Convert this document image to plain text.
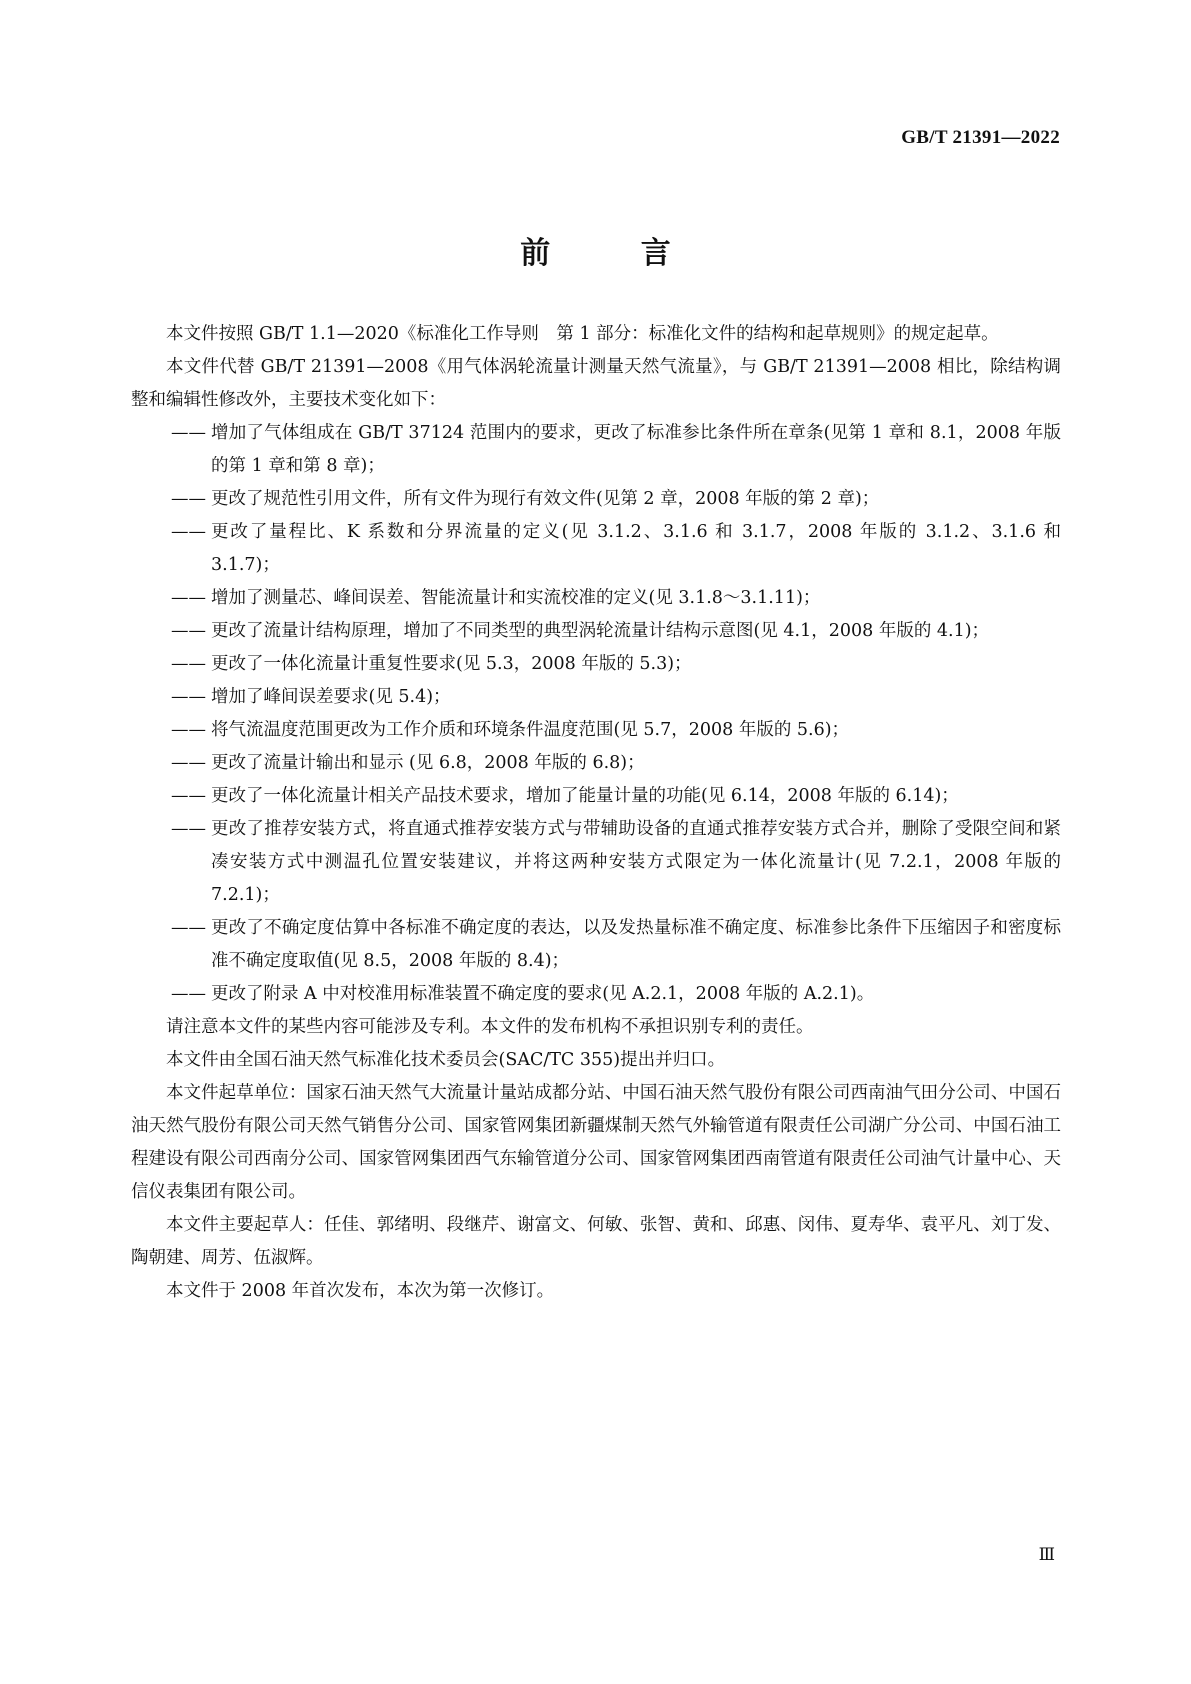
GB/T 21391—2022
前 言

本文件按照 GB/T 1.1—2020《标准化工作导则　第 1 部分：标准化文件的结构和起草规则》的规定起草。

本文件代替 GB/T 21391—2008《用气体涡轮流量计测量天然气流量》，与 GB/T 21391—2008 相比，除结构调整和编辑性修改外，主要技术变化如下：

—— 增加了气体组成在 GB/T 37124 范围内的要求，更改了标准参比条件所在章条(见第 1 章和 8.1，2008 年版的第 1 章和第 8 章)；

—— 更改了规范性引用文件，所有文件为现行有效文件(见第 2 章，2008 年版的第 2 章)；

—— 更改了量程比、K 系数和分界流量的定义(见 3.1.2、3.1.6 和 3.1.7，2008 年版的 3.1.2、3.1.6 和 3.1.7)；

—— 增加了测量芯、峰间误差、智能流量计和实流校准的定义(见 3.1.8～3.1.11)；

—— 更改了流量计结构原理，增加了不同类型的典型涡轮流量计结构示意图(见 4.1，2008 年版的 4.1)；

—— 更改了一体化流量计重复性要求(见 5.3，2008 年版的 5.3)；

—— 增加了峰间误差要求(见 5.4)；

—— 将气流温度范围更改为工作介质和环境条件温度范围(见 5.7，2008 年版的 5.6)；

—— 更改了流量计输出和显示 (见 6.8，2008 年版的 6.8)；

—— 更改了一体化流量计相关产品技术要求，增加了能量计量的功能(见 6.14，2008 年版的 6.14)；

—— 更改了推荐安装方式，将直通式推荐安装方式与带辅助设备的直通式推荐安装方式合并，删除了受限空间和紧凑安装方式中测温孔位置安装建议，并将这两种安装方式限定为一体化流量计(见 7.2.1，2008 年版的 7.2.1)；

—— 更改了不确定度估算中各标准不确定度的表达，以及发热量标准不确定度、标准参比条件下压缩因子和密度标准不确定度取值(见 8.5，2008 年版的 8.4)；

—— 更改了附录 A 中对校准用标准装置不确定度的要求(见 A.2.1，2008 年版的 A.2.1)。

请注意本文件的某些内容可能涉及专利。本文件的发布机构不承担识别专利的责任。

本文件由全国石油天然气标准化技术委员会(SAC/TC 355)提出并归口。

本文件起草单位：国家石油天然气大流量计量站成都分站、中国石油天然气股份有限公司西南油气田分公司、中国石油天然气股份有限公司天然气销售分公司、国家管网集团新疆煤制天然气外输管道有限责任公司湖广分公司、中国石油工程建设有限公司西南分公司、国家管网集团西气东输管道分公司、国家管网集团西南管道有限责任公司油气计量中心、天信仪表集团有限公司。

本文件主要起草人：任佳、郭绪明、段继芹、谢富文、何敏、张智、黄和、邱惠、闵伟、夏寿华、袁平凡、刘丁发、陶朝建、周芳、伍淑辉。

本文件于 2008 年首次发布，本次为第一次修订。

Ⅲ
